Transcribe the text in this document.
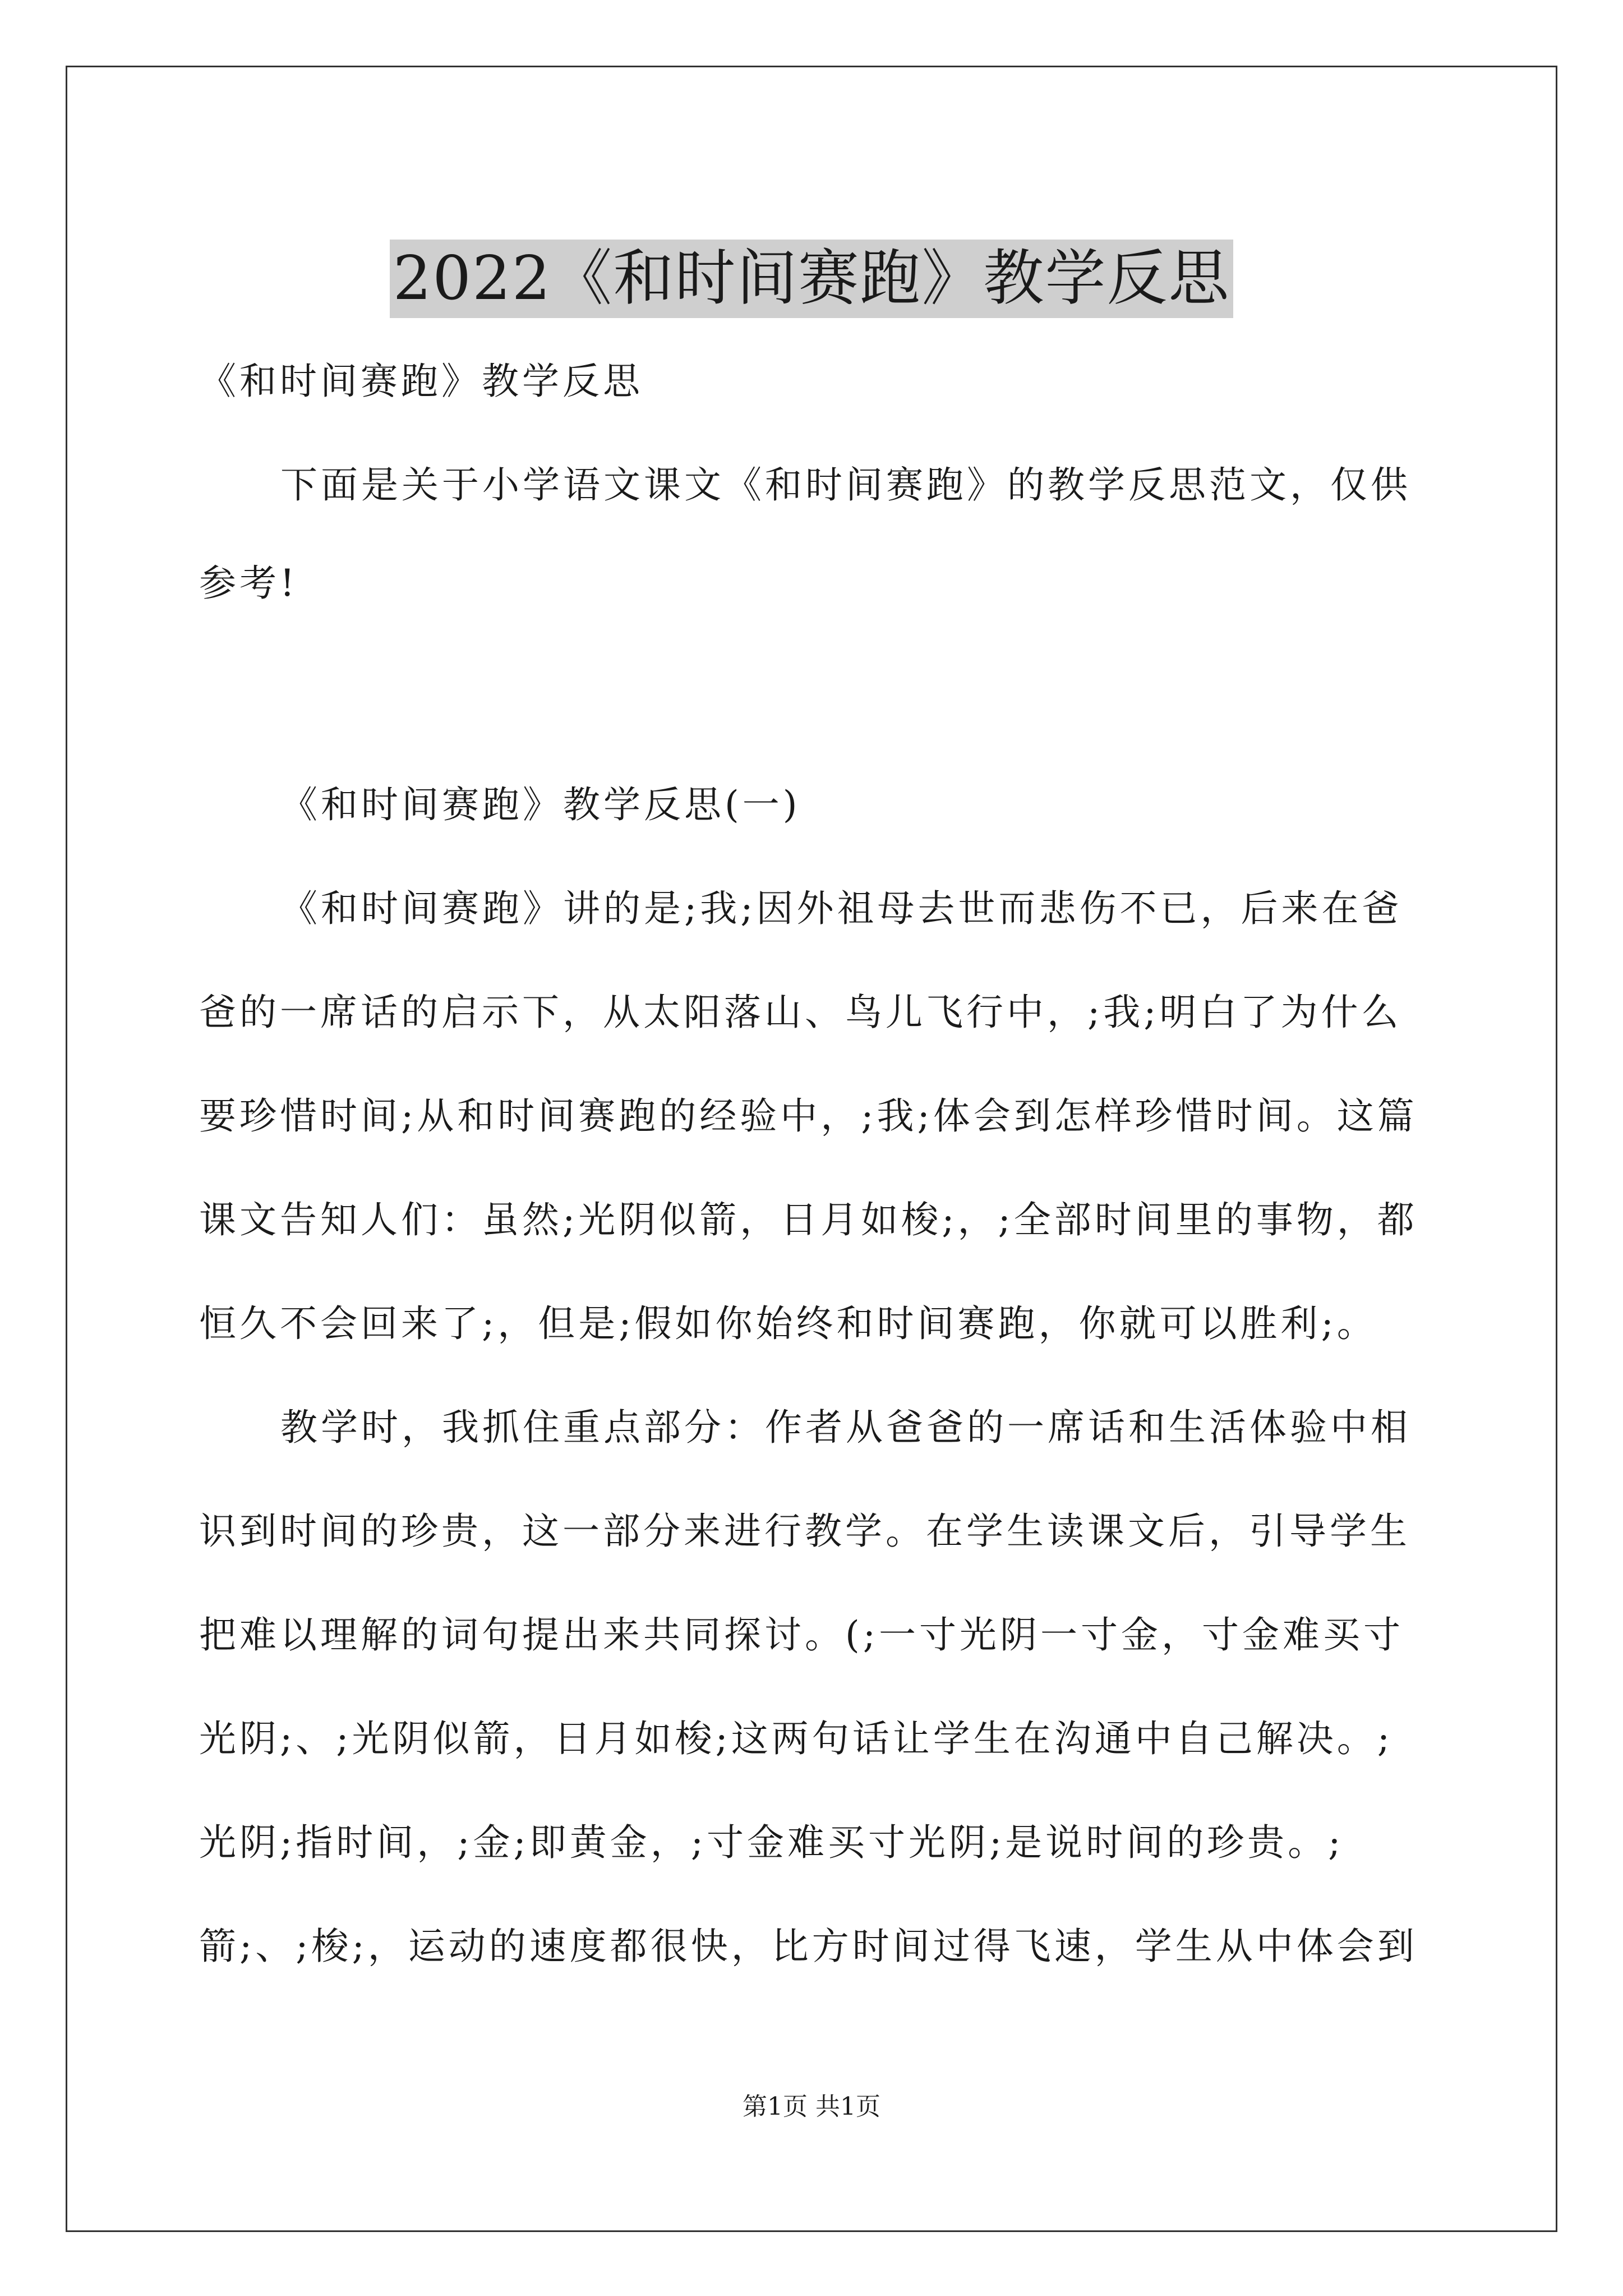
2022《和时间赛跑》教学反思
《和时间赛跑》教学反思
下面是关于小学语文课文《和时间赛跑》的教学反思范文，仅供
参考!
《和时间赛跑》教学反思(一)
《和时间赛跑》讲的是;我;因外祖母去世而悲伤不已，后来在爸
爸的一席话的启示下，从太阳落山、鸟儿飞行中，;我;明白了为什么
要珍惜时间;从和时间赛跑的经验中，;我;体会到怎样珍惜时间。这篇
课文告知人们：虽然;光阴似箭，日月如梭;，;全部时间里的事物，都
恒久不会回来了;，但是;假如你始终和时间赛跑，你就可以胜利;。
教学时，我抓住重点部分：作者从爸爸的一席话和生活体验中相
识到时间的珍贵，这一部分来进行教学。在学生读课文后，引导学生
把难以理解的词句提出来共同探讨。(;一寸光阴一寸金，寸金难买寸
光阴;、;光阴似箭，日月如梭;这两句话让学生在沟通中自己解决。;
光阴;指时间，;金;即黄金，;寸金难买寸光阴;是说时间的珍贵。;
箭;、;梭;，运动的速度都很快，比方时间过得飞速，学生从中体会到
第1页 共1页
